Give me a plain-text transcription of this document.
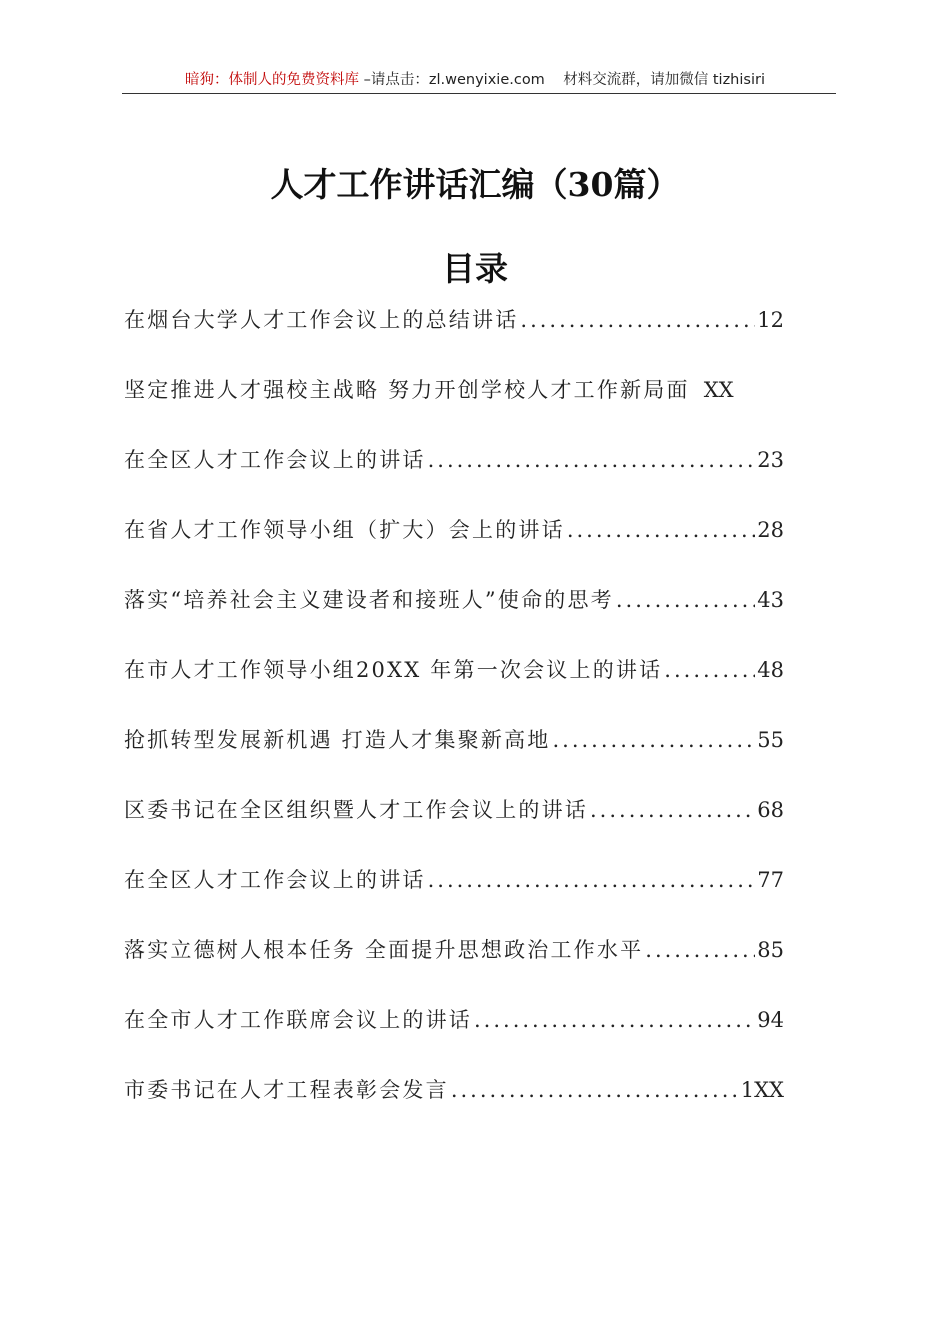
暗狗：体制人的免费资料库 –请点击：zl.wenyixie.com 材料交流群，请加微信 tizhisiri
人才工作讲话汇编（30篇）
目录
在烟台大学人才工作会议上的总结讲话 .....	12
坚定推进人才强校主战略 努力开创学校人才工作新局面 XX
在全区人才工作会议上的讲话 .....	23
在省人才工作领导小组（扩大）会上的讲话 .....	28
落实“培养社会主义建设者和接班人”使命的思考 .....	43
在市人才工作领导小组20XX 年第一次会议上的讲话 .....	48
抢抓转型发展新机遇 打造人才集聚新高地 .....	55
区委书记在全区组织暨人才工作会议上的讲话 .....	68
在全区人才工作会议上的讲话 .....	77
落实立德树人根本任务 全面提升思想政治工作水平 .....	85
在全市人才工作联席会议上的讲话 .....	94
市委书记在人才工程表彰会发言 .....	1XX
